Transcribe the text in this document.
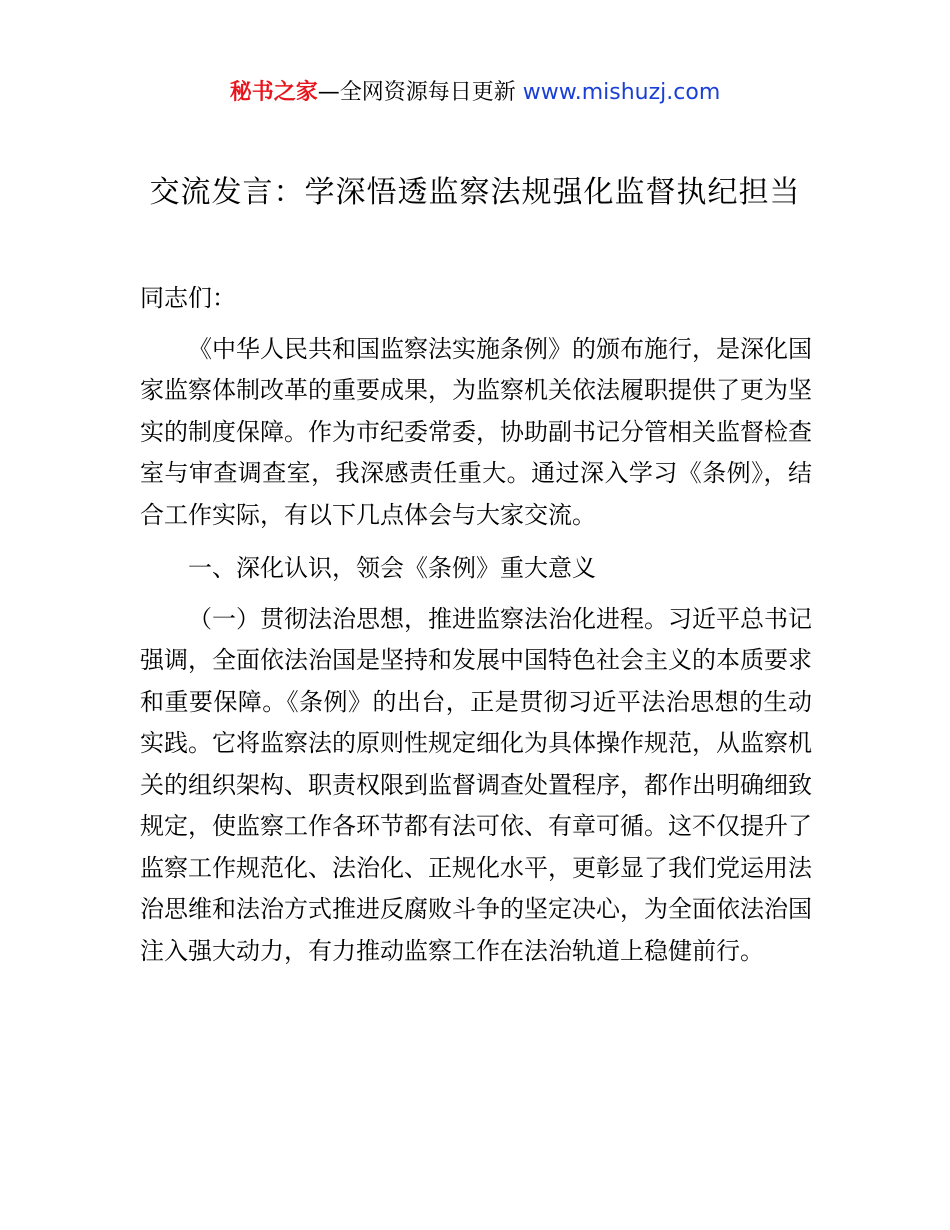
秘书之家—全网资源每日更新 www.mishuzj.com
交流发言：学深悟透监察法规强化监督执纪担当

同志们：

《中华人民共和国监察法实施条例》的颁布施行，是深化国家监察体制改革的重要成果，为监察机关依法履职提供了更为坚实的制度保障。作为市纪委常委，协助副书记分管相关监督检查室与审查调查室，我深感责任重大。通过深入学习《条例》，结合工作实际，有以下几点体会与大家交流。

一、深化认识，领会《条例》重大意义

（一）贯彻法治思想，推进监察法治化进程。习近平总书记强调，全面依法治国是坚持和发展中国特色社会主义的本质要求和重要保障。《条例》的出台，正是贯彻习近平法治思想的生动实践。它将监察法的原则性规定细化为具体操作规范，从监察机关的组织架构、职责权限到监督调查处置程序，都作出明确细致规定，使监察工作各环节都有法可依、有章可循。这不仅提升了监察工作规范化、法治化、正规化水平，更彰显了我们党运用法治思维和法治方式推进反腐败斗争的坚定决心，为全面依法治国注入强大动力，有力推动监察工作在法治轨道上稳健前行。
